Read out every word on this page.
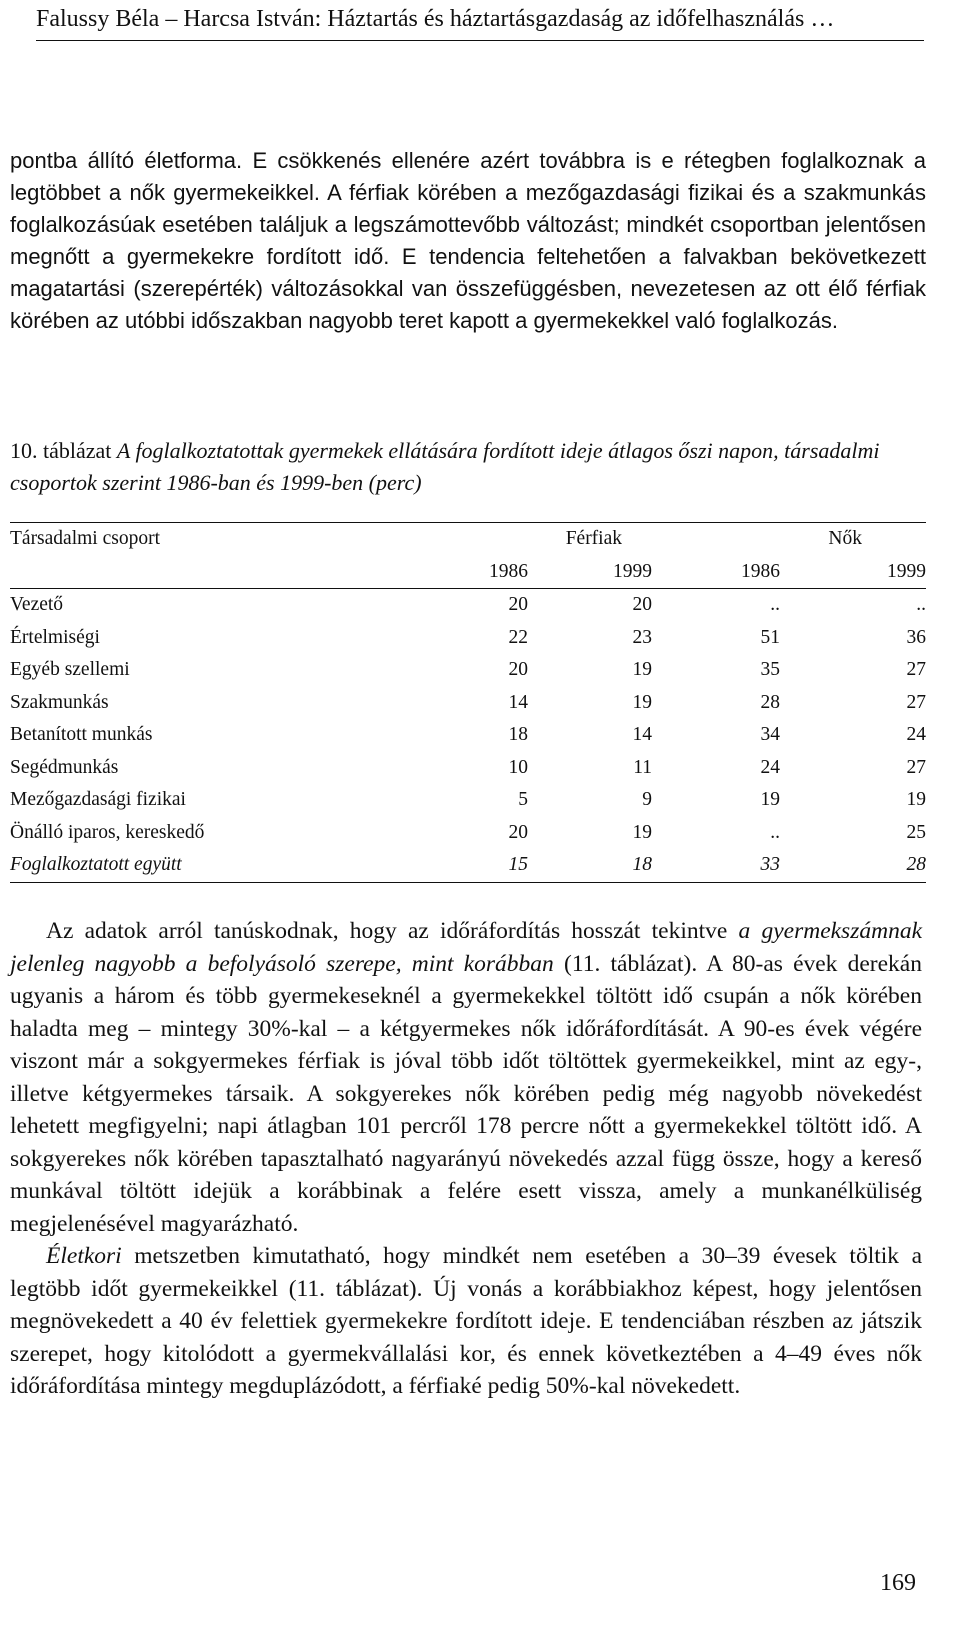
Falussy Béla – Harcsa István: Háztartás és háztartásgazdaság az időfelhasználás …
pontba állító életforma. E csökkenés ellenére azért továbbra is e rétegben foglalkoznak a legtöbbet a nők gyermekeikkel. A férfiak körében a mezőgazdasági fizikai és a szakmunkás foglalkozásúak esetében találjuk a legszámottevőbb változást; mindkét csoportban jelentősen megnőtt a gyermekekre fordított idő. E tendencia feltehetően a falvakban bekövetkezett magatartási (szerepérték) változásokkal van összefüggésben, nevezetesen az ott élő férfiak körében az utóbbi időszakban nagyobb teret kapott a gyermekekkel való foglalkozás.
10. táblázat A foglalkoztatottak gyermekek ellátására fordított ideje átlagos őszi napon, társadalmi csoportok szerint 1986-ban és 1999-ben (perc)
Társadalmi csoport	Férfiak		Nők	
	1986	1999	1986	1999
Vezető	20	20	..	..
Értelmiségi	22	23	51	36
Egyéb szellemi	20	19	35	27
Szakmunkás	14	19	28	27
Betanított munkás	18	14	34	24
Segédmunkás	10	11	24	27
Mezőgazdasági fizikai	5	9	19	19
Önálló iparos, kereskedő	20	19	..	25
Foglalkoztatott együtt	15	18	33	28

Az adatok arról tanúskodnak, hogy az időráfordítás hosszát tekintve a gyermekszámnak jelenleg nagyobb a befolyásoló szerepe, mint korábban (11. táblázat). A 80-as évek derekán ugyanis a három és több gyermekeseknél a gyermekekkel töltött idő csupán a nők körében haladta meg – mintegy 30%-kal – a kétgyermekes nők időráfordítását. A 90-es évek végére viszont már a sokgyermekes férfiak is jóval több időt töltöttek gyermekeikkel, mint az egy-, illetve kétgyermekes társaik. A sokgyerekes nők körében pedig még nagyobb növekedést lehetett megfigyelni; napi átlagban 101 percről 178 percre nőtt a gyermekekkel töltött idő. A sokgyerekes nők körében tapasztalható nagyarányú növekedés azzal függ össze, hogy a kereső munkával töltött idejük a korábbinak a felére esett vissza, amely a munkanélküliség megjelenésével magyarázható.

Életkori metszetben kimutatható, hogy mindkét nem esetében a 30–39 évesek töltik a legtöbb időt gyermekeikkel (11. táblázat). Új vonás a korábbiakhoz képest, hogy jelentősen megnövekedett a 40 év felettiek gyermekekre fordított ideje. E tendenciában részben az játszik szerepet, hogy kitolódott a gyermekvállalási kor, és ennek következtében a 4–49 éves nők időráfordítása mintegy megduplázódott, a férfiaké pedig 50%-kal növekedett.

169
